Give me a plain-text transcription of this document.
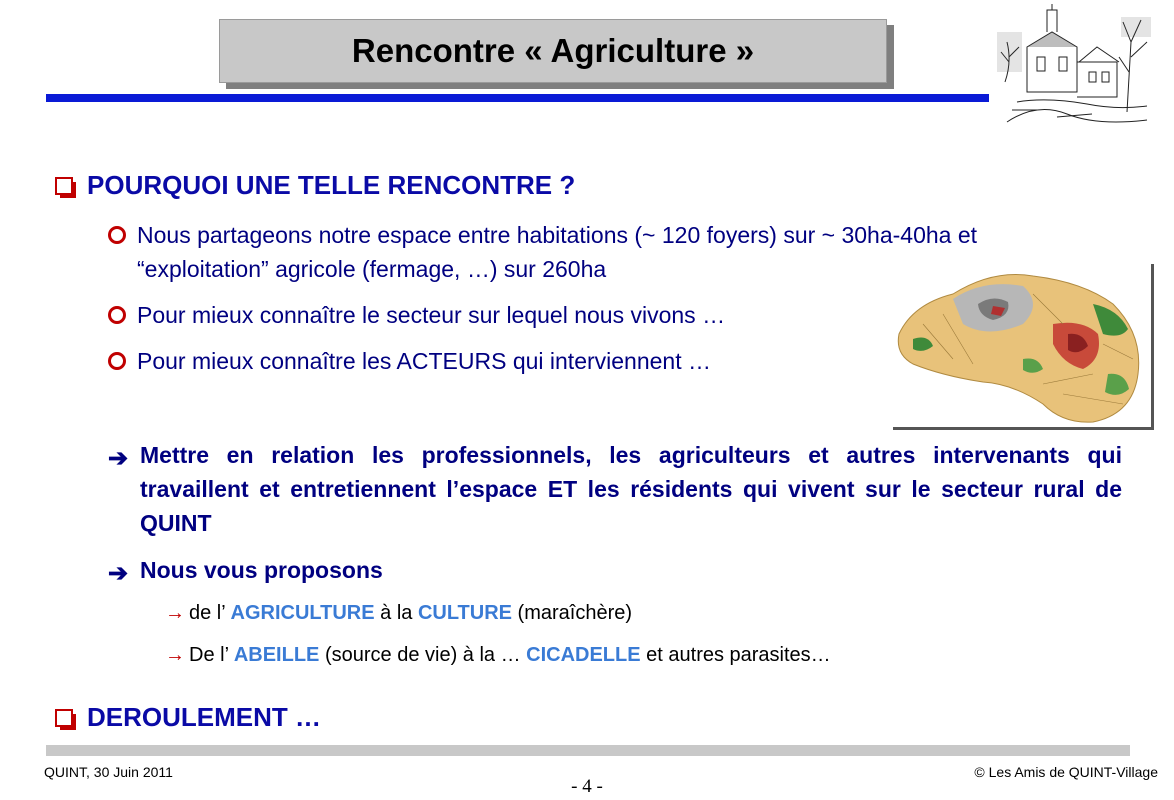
Rencontre « Agriculture »
POURQUOI UNE TELLE RENCONTRE ?
Nous partageons notre espace entre habitations (~ 120 foyers) sur ~ 30ha-40ha et “exploitation” agricole (fermage, …) sur 260ha
Pour mieux connaître le secteur sur lequel nous vivons …
Pour mieux connaître les ACTEURS qui interviennent …
➔ Mettre en relation les professionnels, les agriculteurs et autres intervenants qui travaillent et entretiennent l’espace ET les résidents qui vivent sur le secteur rural de QUINT
➔ Nous vous proposons
→ de l’ AGRICULTURE à la CULTURE (maraîchère)
→ De l’ ABEILLE (source de vie) à la … CICADELLE et autres parasites…
DEROULEMENT …
QUINT, 30 Juin 2011	© Les Amis de QUINT-Village
- 4 -
